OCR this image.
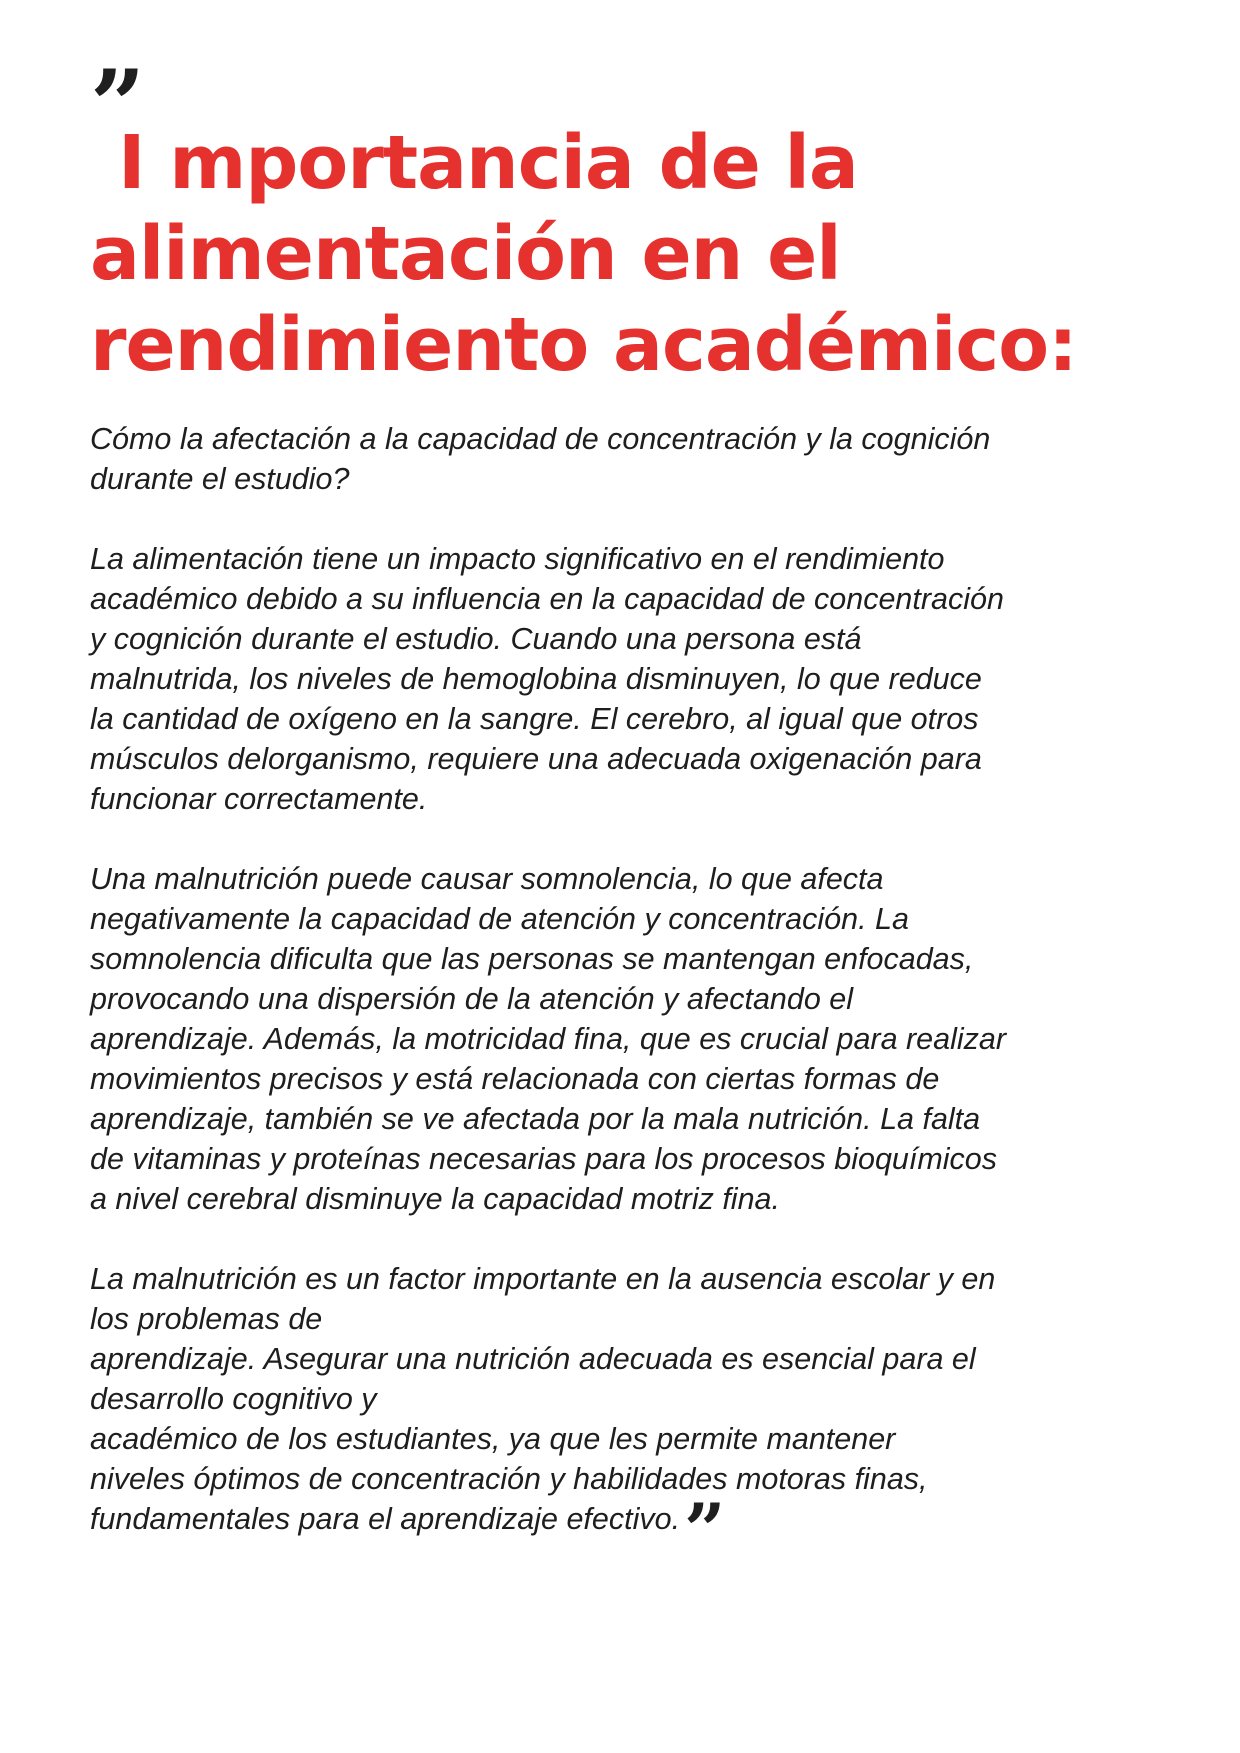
”
I mportancia de la
alimentación en el
rendimiento académico:

Cómo la afectación a la capacidad de concentración y la cognición
durante el estudio?

La alimentación tiene un impacto significativo en el rendimiento
académico debido a su influencia en la capacidad de concentración
y cognición durante el estudio. Cuando una persona está
malnutrida, los niveles de hemoglobina disminuyen, lo que reduce
la cantidad de oxígeno en la sangre. El cerebro, al igual que otros
músculos delorganismo, requiere una adecuada oxigenación para
funcionar correctamente.

Una malnutrición puede causar somnolencia, lo que afecta
negativamente la capacidad de atención y concentración. La
somnolencia dificulta que las personas se mantengan enfocadas,
provocando una dispersión de la atención y afectando el
aprendizaje. Además, la motricidad fina, que es crucial para realizar
movimientos precisos y está relacionada con ciertas formas de
aprendizaje, también se ve afectada por la mala nutrición. La falta
de vitaminas y proteínas necesarias para los procesos bioquímicos
a nivel cerebral disminuye la capacidad motriz fina.

La malnutrición es un factor importante en la ausencia escolar y en
los problemas de
aprendizaje. Asegurar una nutrición adecuada es esencial para el
desarrollo cognitivo y
académico de los estudiantes, ya que les permite mantener
niveles óptimos de concentración y habilidades motoras finas,
fundamentales para el aprendizaje efectivo.”
